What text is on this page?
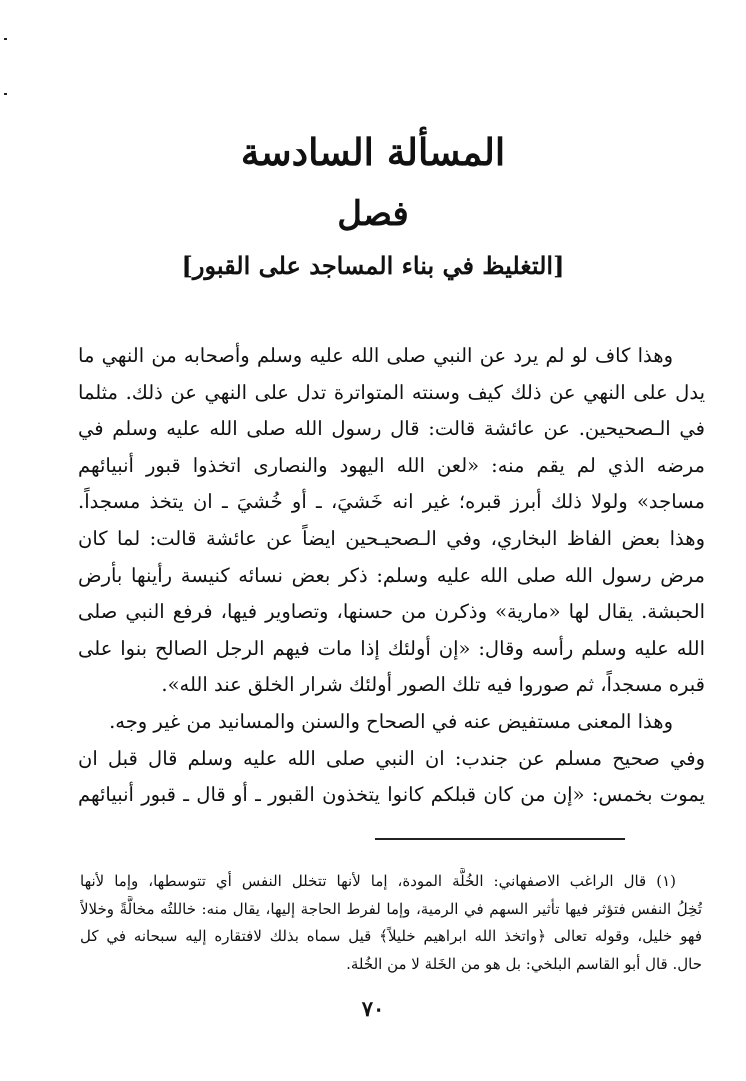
المسألة السادسة
فصل
[التغليظ في بناء المساجد على القبور]
وهذا كاف لو لم يرد عن النبي صلى الله عليه وسلم وأصحابه من النهي ما
يدل على النهي عن ذلك كيف وسنته المتواترة تدل على النهي عن ذلك. مثلما
في الـصحيحين. عن عائشة قالت: قال رسول الله صلى الله عليه وسلم في
مرضه الذي لم يقم منه: «لعن الله اليهود والنصارى اتخذوا قبور أنبيائهم
مساجد» ولولا ذلك أبرز قبره؛ غير انه خَشيَ، ـ أو خُشيَ ـ ان يتخذ مسجداً.
وهذا بعض الفاظ البخاري، وفي الـصحيـحين ايضاً عن عائشة قالت: لما كان
مرض رسول الله صلى الله عليه وسلم: ذكر بعض نسائه كنيسة رأينها بأرض
الحبشة. يقال لها «مارية» وذكرن من حسنها، وتصاوير فيها، فرفع النبي صلى
الله عليه وسلم رأسه وقال: «إن أولئك إذا مات فيهم الرجل الصالح بنوا على
قبره مسجداً، ثم صوروا فيه تلك الصور أولئك شرار الخلق عند الله».
وهذا المعنى مستفيض عنه في الصحاح والسنن والمسانيد من غير وجه.
وفي صحيح مسلم عن جندب: ان النبي صلى الله عليه وسلم قال قبل ان
يموت بخمس: «إن من كان قبلكم كانوا يتخذون القبور ـ أو قال ـ قبور أنبيائهم
(١) قال الراغب الاصفهاني: الخُلَّة المودة، إما لأنها تتخلل النفس أي تتوسطها، وإما لأنها
تُخِلُ النفس فتؤثر فيها تأثير السهم في الرمية، وإما لفرط الحاجة إليها، يقال منه: خاللتُه مخالَّةً وخلالاً
فهو خليل، وقوله تعالى ﴿واتخذ الله ابراهيم خليلاً﴾ قيل سماه بذلك لافتقاره إليه سبحانه في كل
حال. قال أبو القاسم البلخي: بل هو من الخَلة لا من الخُلة.
٧٠
